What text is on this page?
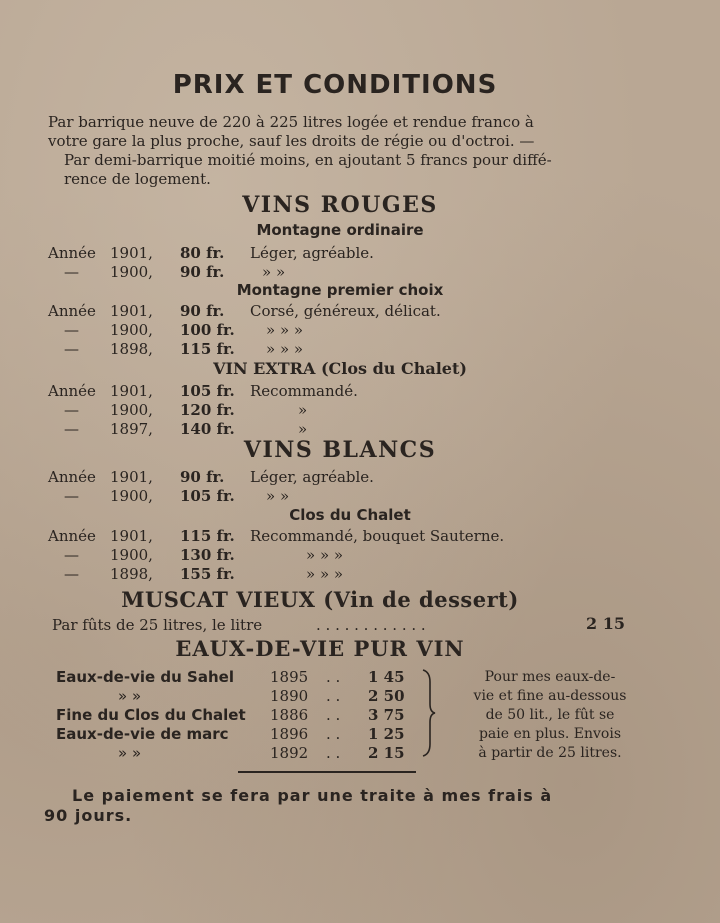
PRIX ET CONDITIONS
Par barrique neuve de 220 à 225 litres logée et rendue franco à
votre gare la plus proche, sauf les droits de régie ou d'octroi. —
Par demi-barrique moitié moins, en ajoutant 5 francs pour diffé-
rence de logement.
VINS ROUGES
Montagne ordinaire
Année 1901, 80 fr. Léger, agréable.
— 1900, 90 fr.	» »
Montagne premier choix
Année 1901, 90 fr. Corsé, généreux, délicat.
— 1900, 100 fr. » » »
— 1898, 115 fr. » » »
VIN EXTRA (Clos du Chalet)
Année 1901, 105 fr. Recommandé.
— 1900, 120 fr.	»
— 1897, 140 fr.	»
VINS BLANCS
Année 1901, 90 fr. Léger, agréable.
— 1900, 105 fr. » »
Clos du Chalet
Année 1901, 115 fr. Recommandé, bouquet Sauterne.
— 1900, 130 fr.	» » »
— 1898, 155 fr.	» » »
MUSCAT VIEUX (Vin de dessert)
Par fûts de 25 litres, le litre	. . . . . . . . . . . .	2 15
EAUX-DE-VIE PUR VIN
Eaux-de-vie du Sahel 1895 . . 1 45
» »	1890 . . 2 50
Fine du Clos du Chalet 1886 . . 3 75
Eaux-de-vie de marc	1896 . . 1 25
» »	1892 . . 2 15
Pour mes eaux-de-
vie et fine au-dessous
de 50 lit., le fût se
paie en plus. Envois
à partir de 25 litres.
Le paiement se fera par une traite à mes frais à
90 jours.
